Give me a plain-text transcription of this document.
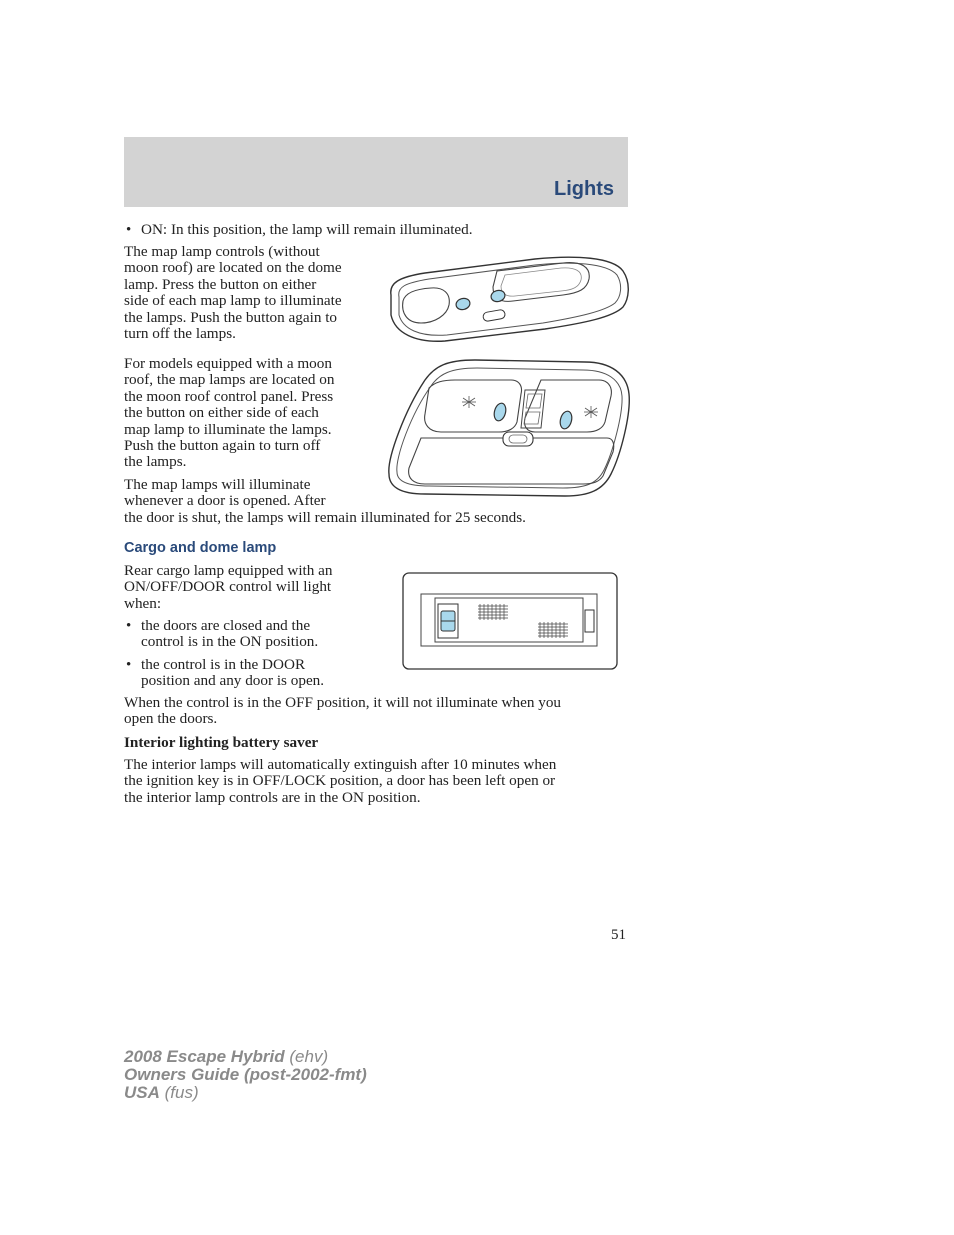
Lights
• ON: In this position, the lamp will remain illuminated.
The map lamp controls (without
moon roof) are located on the dome
lamp. Press the button on either
side of each map lamp to illuminate
the lamps. Push the button again to
turn off the lamps.
For models equipped with a moon
roof, the map lamps are located on
the moon roof control panel. Press
the button on either side of each
map lamp to illuminate the lamps.
Push the button again to turn off
the lamps.
The map lamps will illuminate
whenever a door is opened. After
the door is shut, the lamps will remain illuminated for 25 seconds.
Cargo and dome lamp
Rear cargo lamp equipped with an
ON/OFF/DOOR control will light
when:
• the doors are closed and the
control is in the ON position.
• the control is in the DOOR
position and any door is open.
When the control is in the OFF position, it will not illuminate when you
open the doors.
Interior lighting battery saver
The interior lamps will automatically extinguish after 10 minutes when
the ignition key is in OFF/LOCK position, a door has been left open or
the interior lamp controls are in the ON position.
51
2008 Escape Hybrid (ehv)
Owners Guide (post-2002-fmt)
USA (fus)
